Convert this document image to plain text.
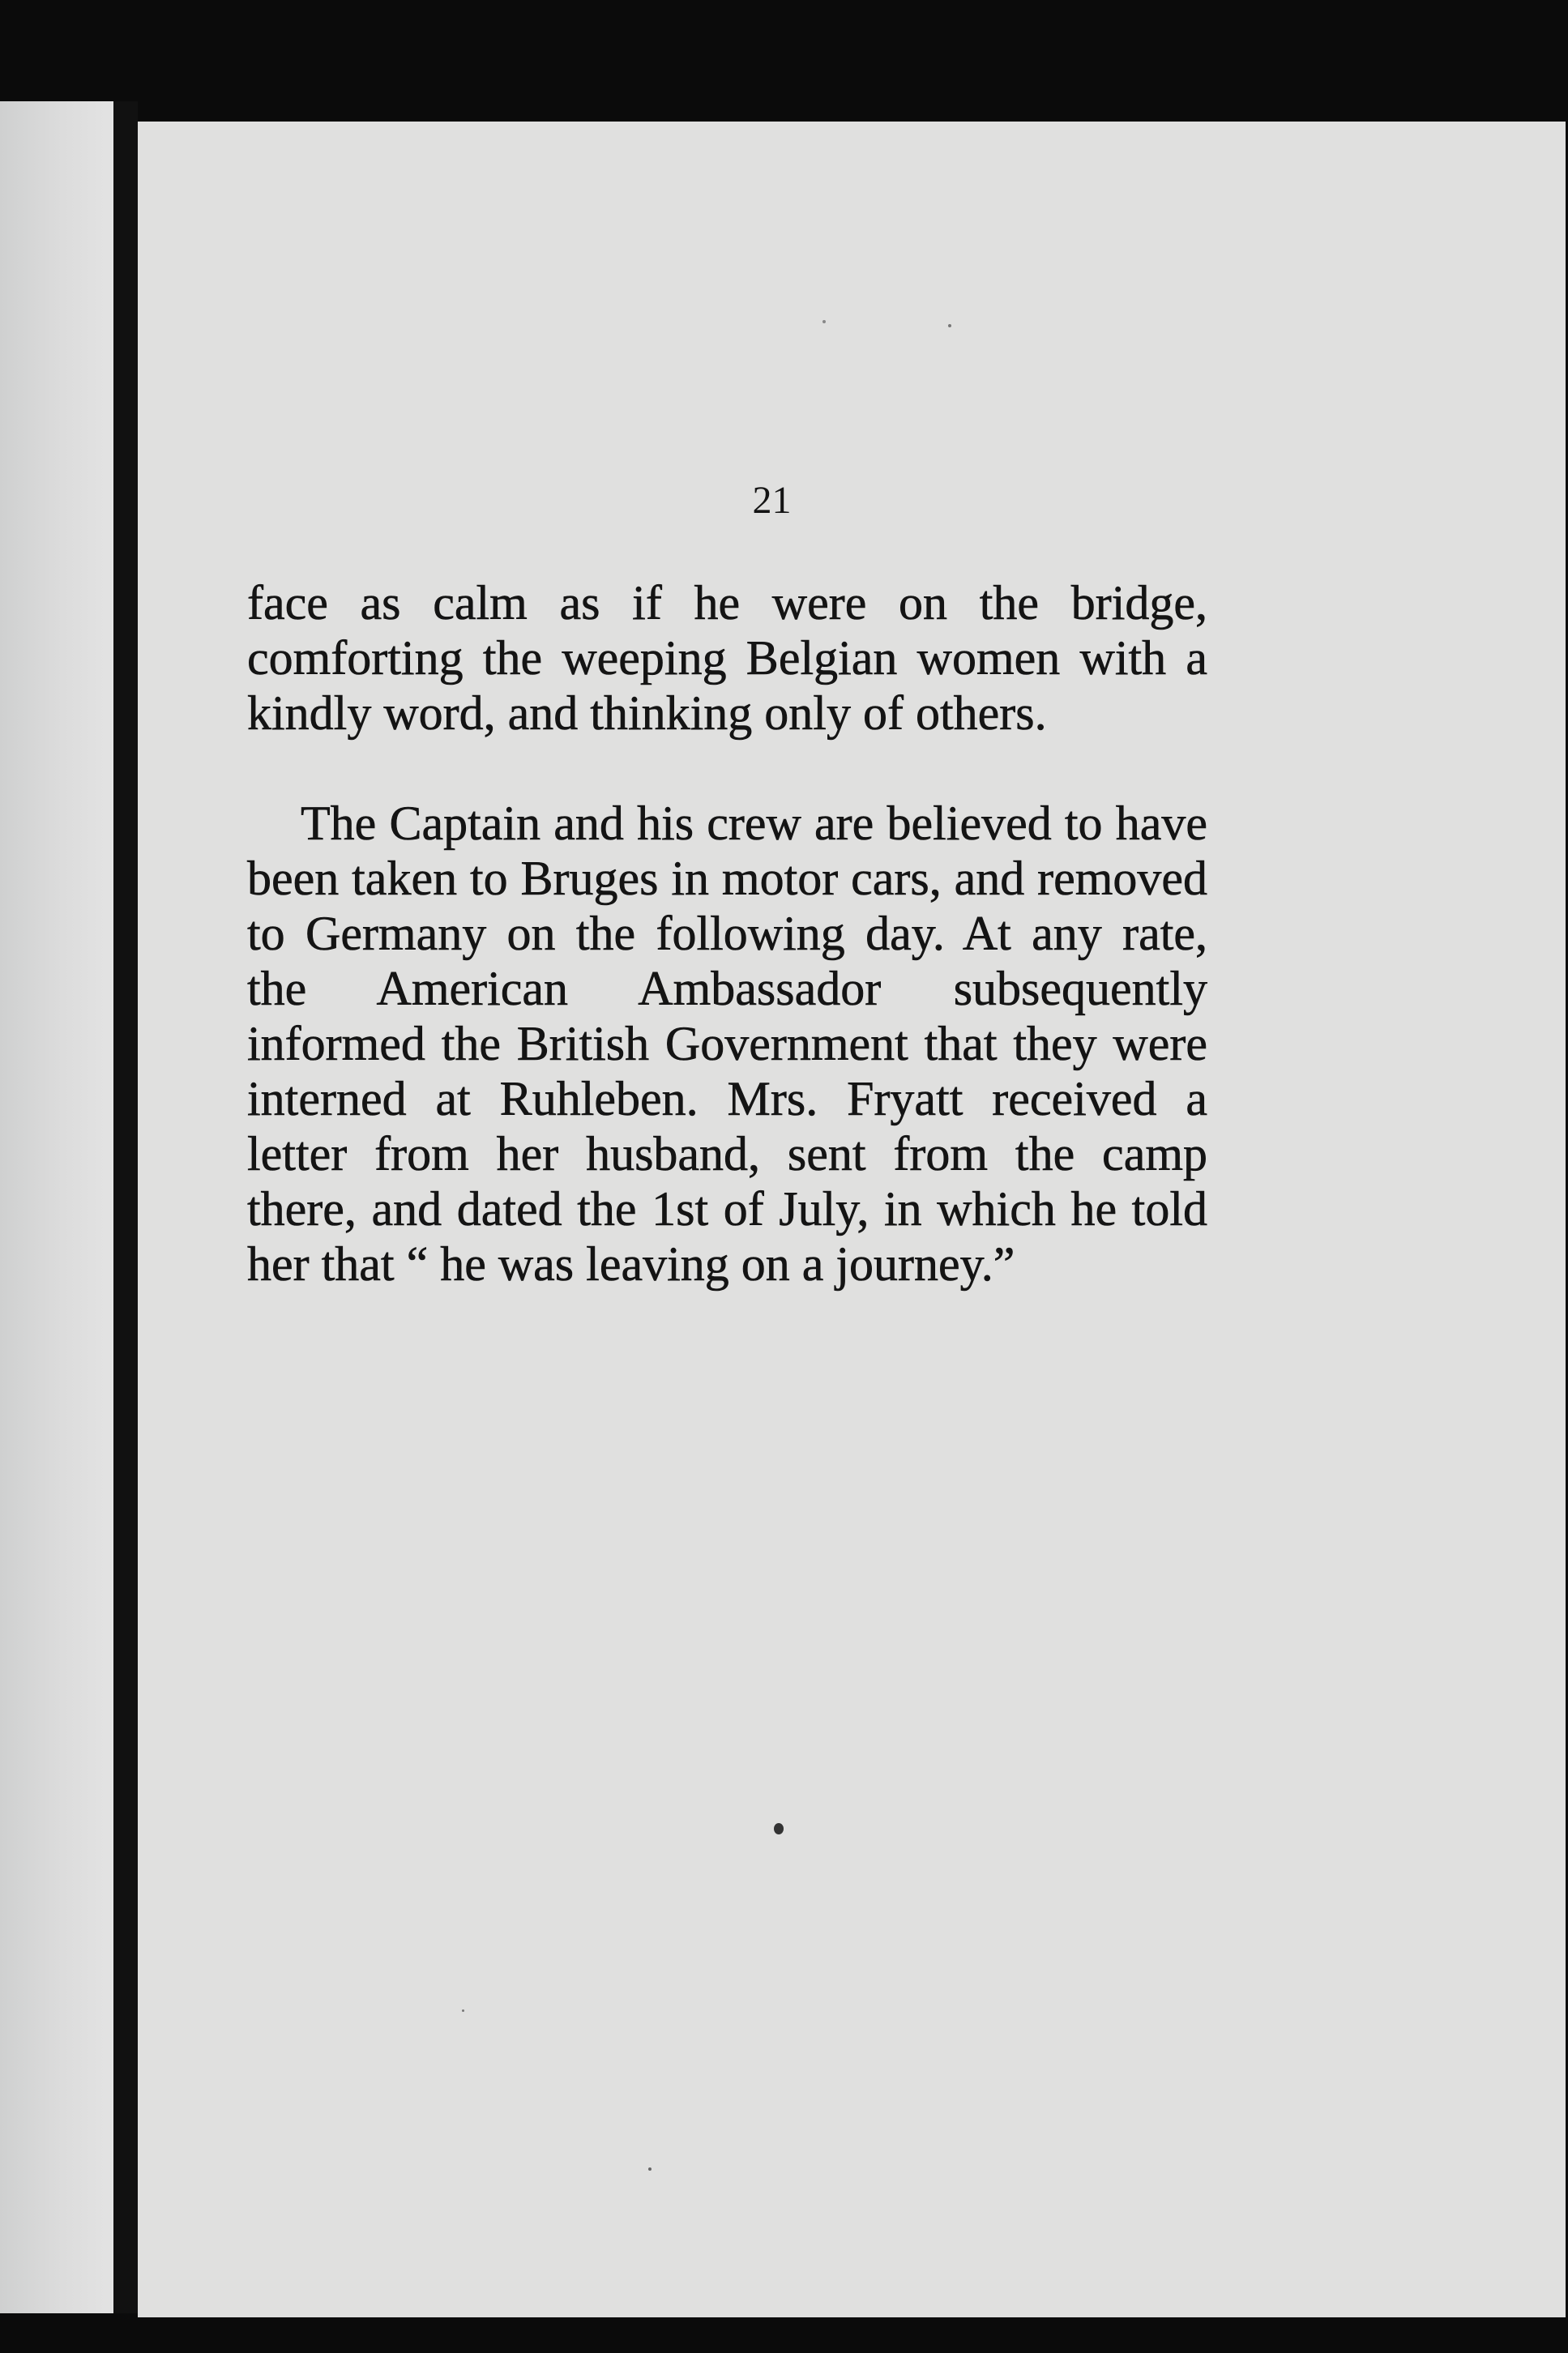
21

face as calm as if he were on the bridge, comforting the weeping Belgian women with a kindly word, and thinking only of others.

The Captain and his crew are believed to have been taken to Bruges in motor cars, and removed to Germany on the following day. At any rate, the American Ambassador subsequently informed the British Government that they were interned at Ruhleben. Mrs. Fryatt received a letter from her husband, sent from the camp there, and dated the 1st of July, in which he told her that “ he was leaving on a journey.”
